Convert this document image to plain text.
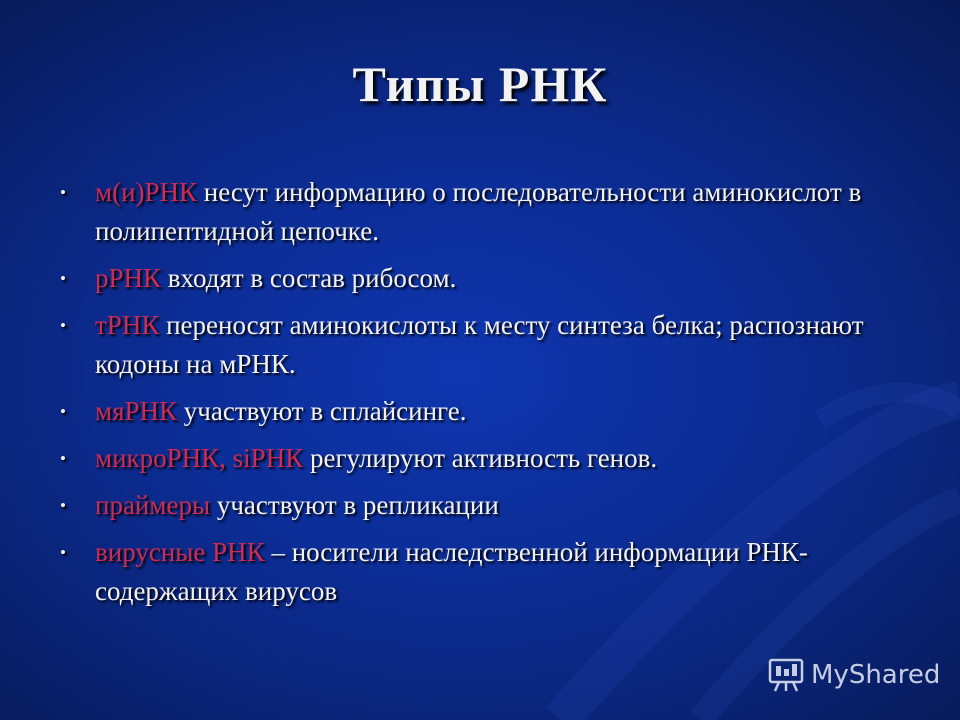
Типы РНК
• м(и)РНК несут информацию о последовательности аминокислот в полипептидной цепочке.
• рРНК входят в состав рибосом.
• тРНК переносят аминокислоты к месту синтеза белка; распознают кодоны на мРНК.
• мяРНК участвуют в сплайсинге.
• микроРНК, siРНК регулируют активность генов.
• праймеры участвуют в репликации
• вирусные РНК – носители наследственной информации РНК-содержащих вирусов
MyShared
